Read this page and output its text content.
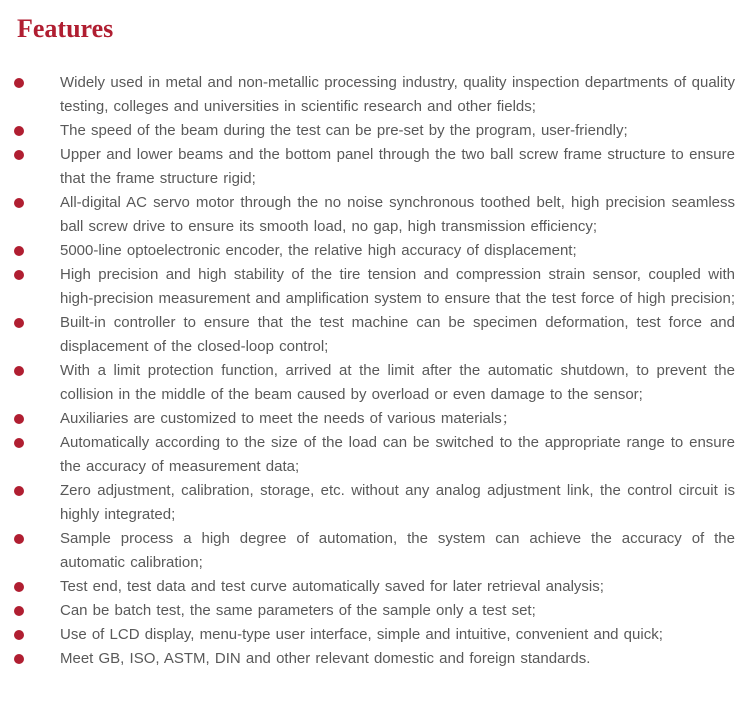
Features
Widely used in metal and non-metallic processing industry, quality inspection departments of quality testing, colleges and universities in scientific research and other fields;
The speed of the beam during the test can be pre-set by the program, user-friendly;
Upper and lower beams and the bottom panel through the two ball screw frame structure to ensure that the frame structure rigid;
All-digital AC servo motor through the no noise synchronous toothed belt, high precision seamless ball screw drive to ensure its smooth load, no gap, high transmission efficiency;
5000-line optoelectronic encoder, the relative high accuracy of displacement;
High precision and high stability of the tire tension and compression strain sensor, coupled with high-precision measurement and amplification system to ensure that the test force of high precision;
Built-in controller to ensure that the test machine can be specimen deformation, test force and displacement of the closed-loop control;
With a limit protection function, arrived at the limit after the automatic shutdown, to prevent the collision in the middle of the beam caused by overload or even damage to the sensor;
Auxiliaries are customized to meet the needs of various materials；
Automatically according to the size of the load can be switched to the appropriate range to ensure the accuracy of measurement data;
Zero adjustment, calibration, storage, etc. without any analog adjustment link, the control circuit is highly integrated;
Sample process a high degree of automation, the system can achieve the accuracy of the automatic calibration;
Test end, test data and test curve automatically saved for later retrieval analysis;
Can be batch test, the same parameters of the sample only a test set;
Use of LCD display, menu-type user interface, simple and intuitive, convenient and quick;
Meet GB, ISO, ASTM, DIN and other relevant domestic and foreign standards.
